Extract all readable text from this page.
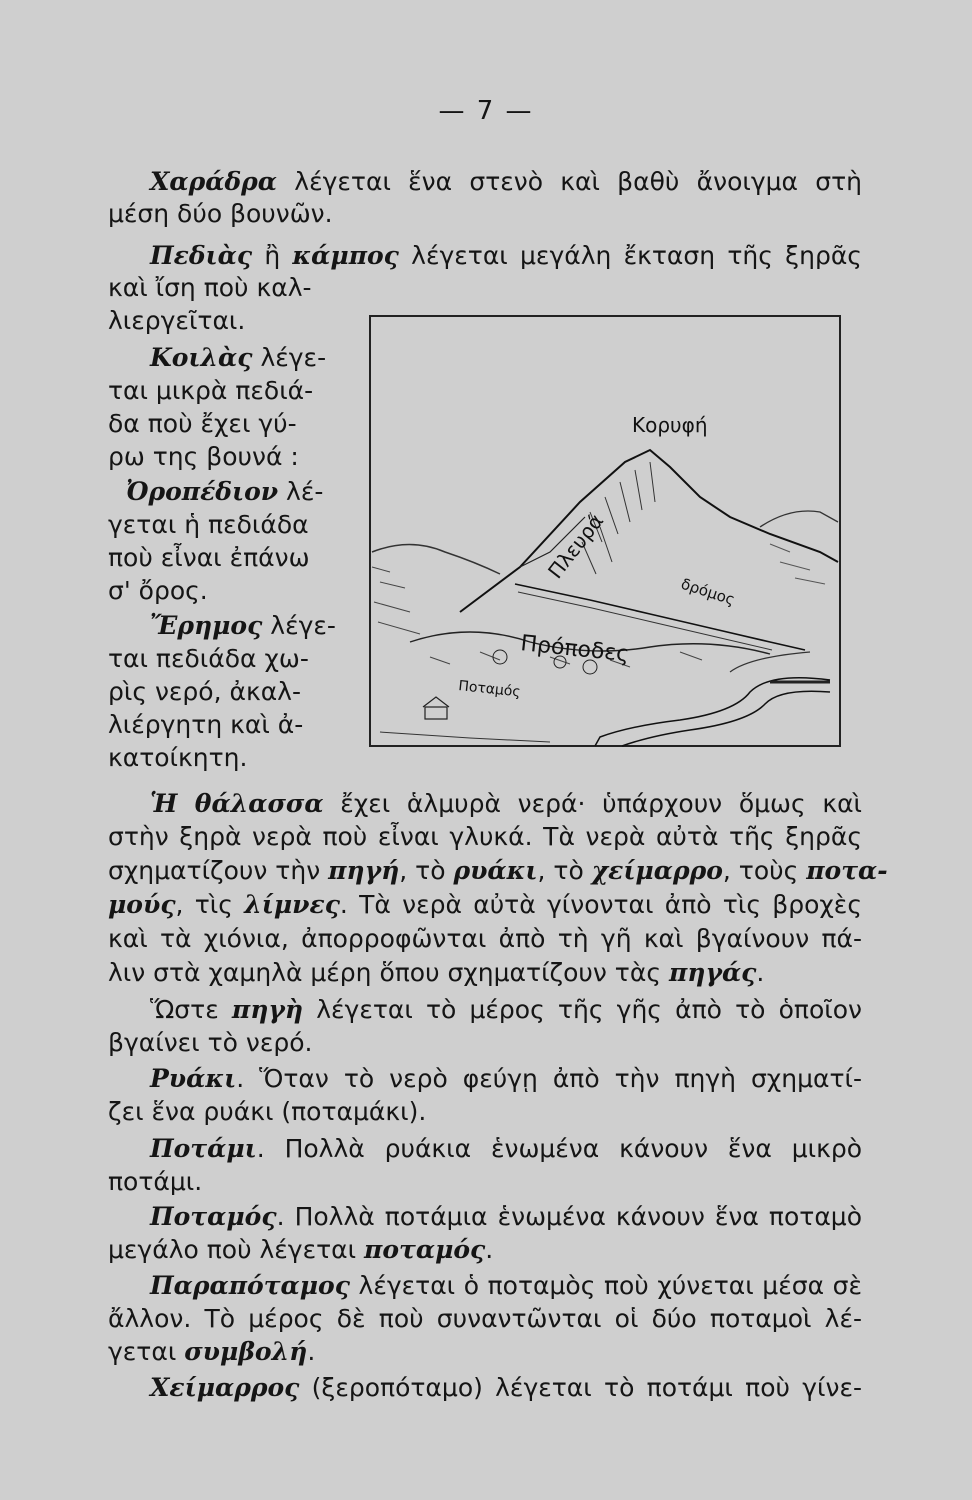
— 7 —
Χαράδρα λέγεται ἕνα στενὸ καὶ βαθὺ ἄνοιγμα στὴ
μέση δύο βουνῶν.
Πεδιὰς ἢ κάμπος λέγεται μεγάλη ἔκταση τῆς ξηρᾶς
καὶ ἴση ποὺ καλ-
λιεργεῖται.
Κοιλὰς λέγε-
ται μικρὰ πεδιά-
δα ποὺ ἔχει γύ-
ρω της βουνά :
Ὀροπέδιον λέ-
γεται ἡ πεδιάδα
ποὺ εἶναι ἐπάνω
σ' ὄρος.
Ἔρημος λέγε-
ται πεδιάδα χω-
ρὶς νερό, ἀκαλ-
λιέργητη καὶ ἀ-
κατοίκητη.
Κορυφή
Πλευρά
δρόμος
Πρόποδες
Ποταμός
Ἡ θάλασσα ἔχει ἁλμυρὰ νερά· ὑπάρχουν ὅμως καὶ
στὴν ξηρὰ νερὰ ποὺ εἶναι γλυκά. Τὰ νερὰ αὐτὰ τῆς ξηρᾶς
σχηματίζουν τὴν πηγή, τὸ ρυάκι, τὸ χείμαρρο, τοὺς ποτα-
μούς, τὶς λίμνες. Τὰ νερὰ αὐτὰ γίνονται ἀπὸ τὶς βροχὲς
καὶ τὰ χιόνια, ἀπορροφῶνται ἀπὸ τὴ γῆ καὶ βγαίνουν πά-
λιν στὰ χαμηλὰ μέρη ὅπου σχηματίζουν τὰς πηγάς.
Ὥστε πηγὴ λέγεται τὸ μέρος τῆς γῆς ἀπὸ τὸ ὁποῖον
βγαίνει τὸ νερό.
Ρυάκι. Ὅταν τὸ νερὸ φεύγῃ ἀπὸ τὴν πηγὴ σχηματί-
ζει ἕνα ρυάκι (ποταμάκι).
Ποτάμι. Πολλὰ ρυάκια ἑνωμένα κάνουν ἕνα μικρὸ
ποτάμι.
Ποταμός. Πολλὰ ποτάμια ἑνωμένα κάνουν ἕνα ποταμὸ
μεγάλο ποὺ λέγεται ποταμός.
Παραπόταμος λέγεται ὁ ποταμὸς ποὺ χύνεται μέσα σὲ
ἄλλον. Τὸ μέρος δὲ ποὺ συναντῶνται οἱ δύο ποταμοὶ λέ-
γεται συμβολή.
Χείμαρρος (ξεροπόταμο) λέγεται τὸ ποτάμι ποὺ γίνε-
